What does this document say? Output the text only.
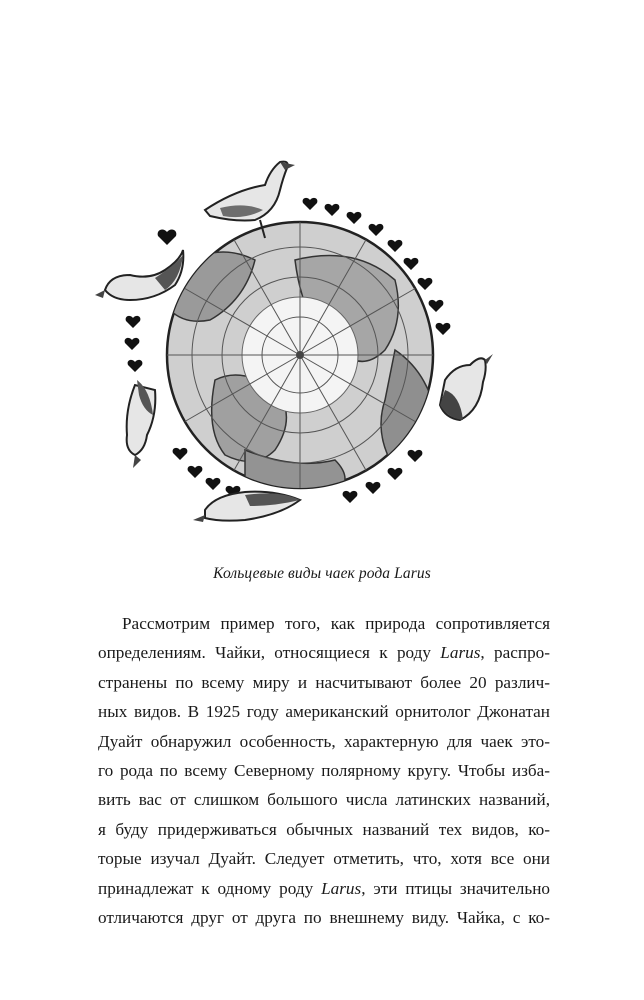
Кольцевые виды чаек рода Larus
Рассмотрим пример того, как природа сопротивляется
определениям. Чайки, относящиеся к роду Larus, распро-
странены по всему миру и насчитывают более 20 различ-
ных видов. В 1925 году американский орнитолог Джонатан
Дуайт обнаружил особенность, характерную для чаек это-
го рода по всему Северному полярному кругу. Чтобы изба-
вить вас от слишком большого числа латинских названий,
я буду придерживаться обычных названий тех видов, ко-
торые изучал Дуайт. Следует отметить, что, хотя все они
принадлежат к одному роду Larus, эти птицы значительно
отличаются друг от друга по внешнему виду. Чайка, с ко-
